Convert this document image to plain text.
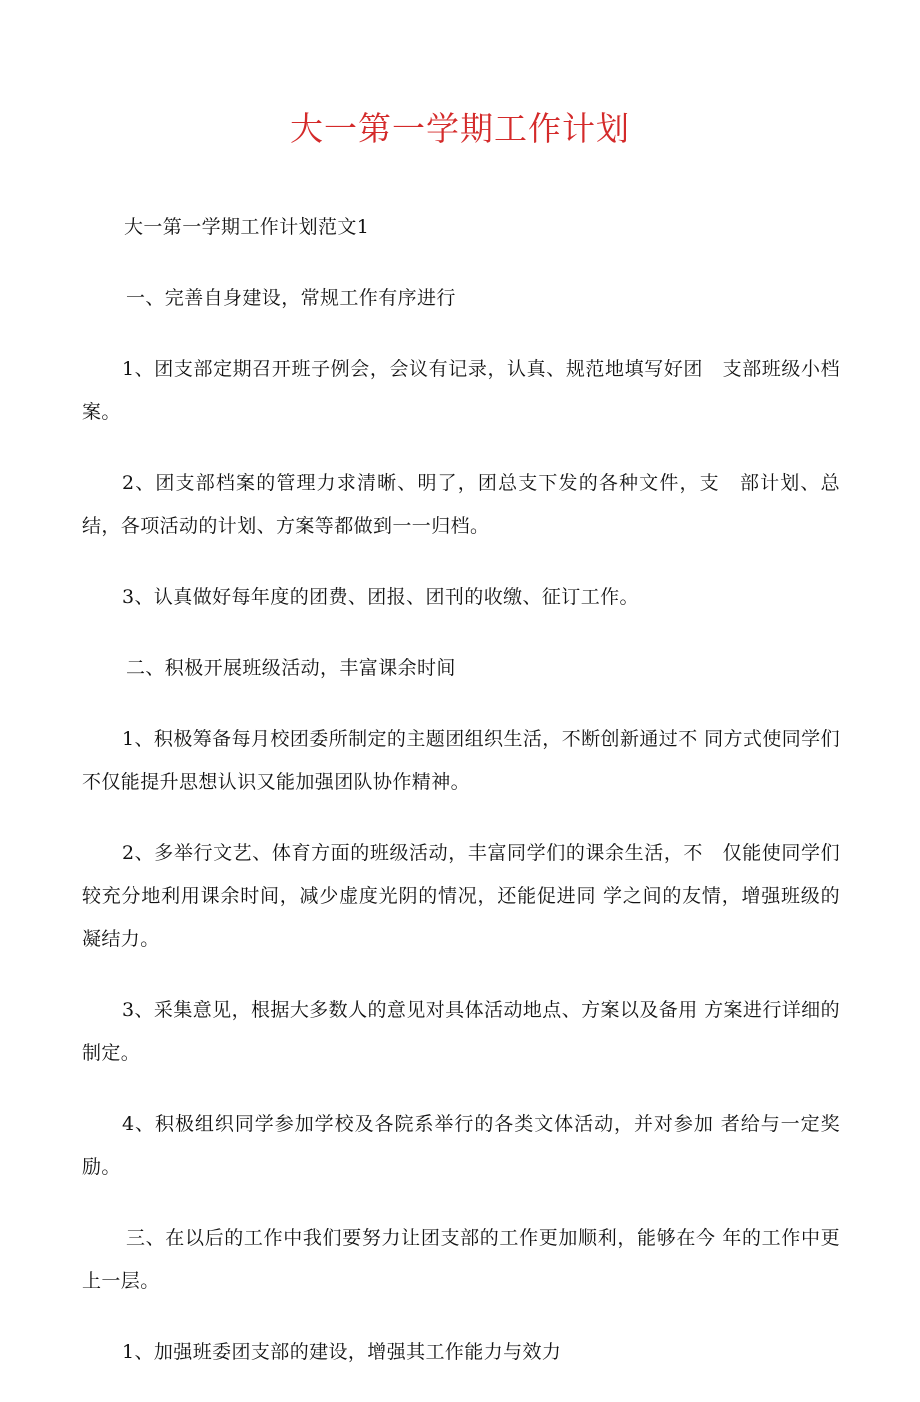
大一第一学期工作计划

大一第一学期工作计划范文1

一、完善自身建设，常规工作有序进行

1、团支部定期召开班子例会，会议有记录，认真、规范地填写好团　支部班级小档案。

2、团支部档案的管理力求清晰、明了，团总支下发的各种文件，支　部计划、总结，各项活动的计划、方案等都做到一一归档。

3、认真做好每年度的团费、团报、团刊的收缴、征订工作。

二、积极开展班级活动，丰富课余时间

1、积极筹备每月校团委所制定的主题团组织生活，不断创新通过不 同方式使同学们不仅能提升思想认识又能加强团队协作精神。

2、多举行文艺、体育方面的班级活动，丰富同学们的课余生活，不　仅能使同学们较充分地利用课余时间，减少虚度光阴的情况，还能促进同 学之间的友情，增强班级的凝结力。

3、采集意见，根据大多数人的意见对具体活动地点、方案以及备用 方案进行详细的制定。

4、积极组织同学参加学校及各院系举行的各类文体活动，并对参加 者给与一定奖励。

三、在以后的工作中我们要努力让团支部的工作更加顺利，能够在今 年的工作中更上一层。

1、加强班委团支部的建设，增强其工作能力与效力
